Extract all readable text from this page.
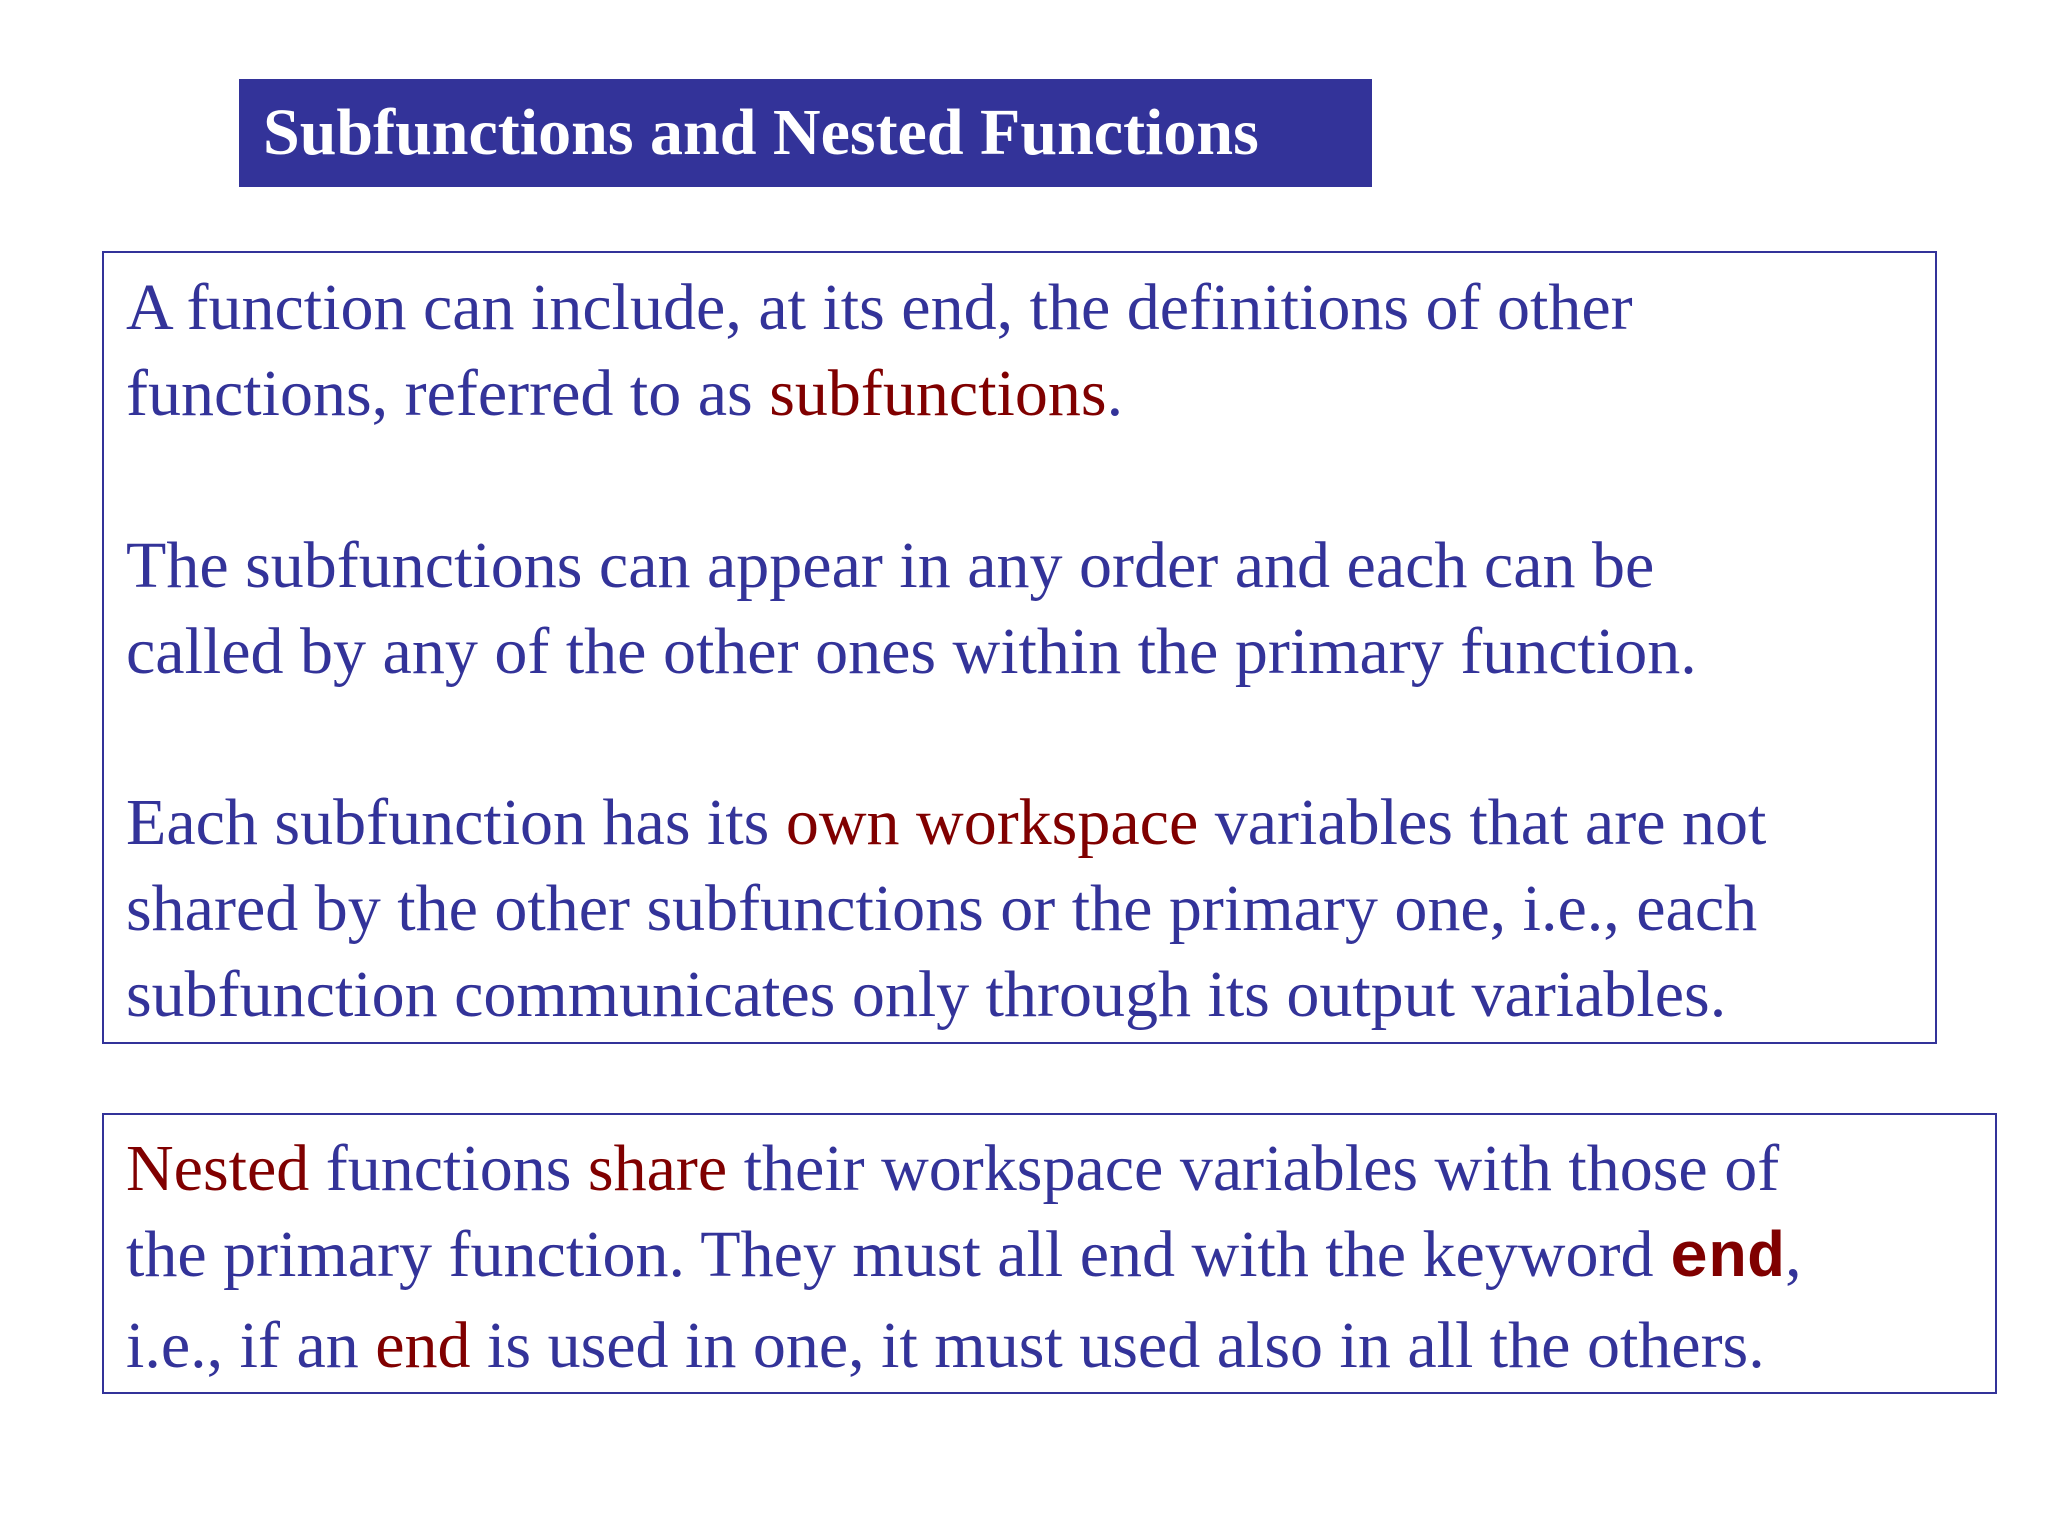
Subfunctions and Nested Functions

A function can include, at its end, the definitions of other
functions, referred to as subfunctions.

The subfunctions can appear in any order and each can be
called by any of the other ones within the primary function.

Each subfunction has its own workspace variables that are not
shared by the other subfunctions or the primary one, i.e., each
subfunction communicates only through its output variables.

Nested functions share their workspace variables with those of
the primary function. They must all end with the keyword end,
i.e., if an end is used in one, it must used also in all the others.
